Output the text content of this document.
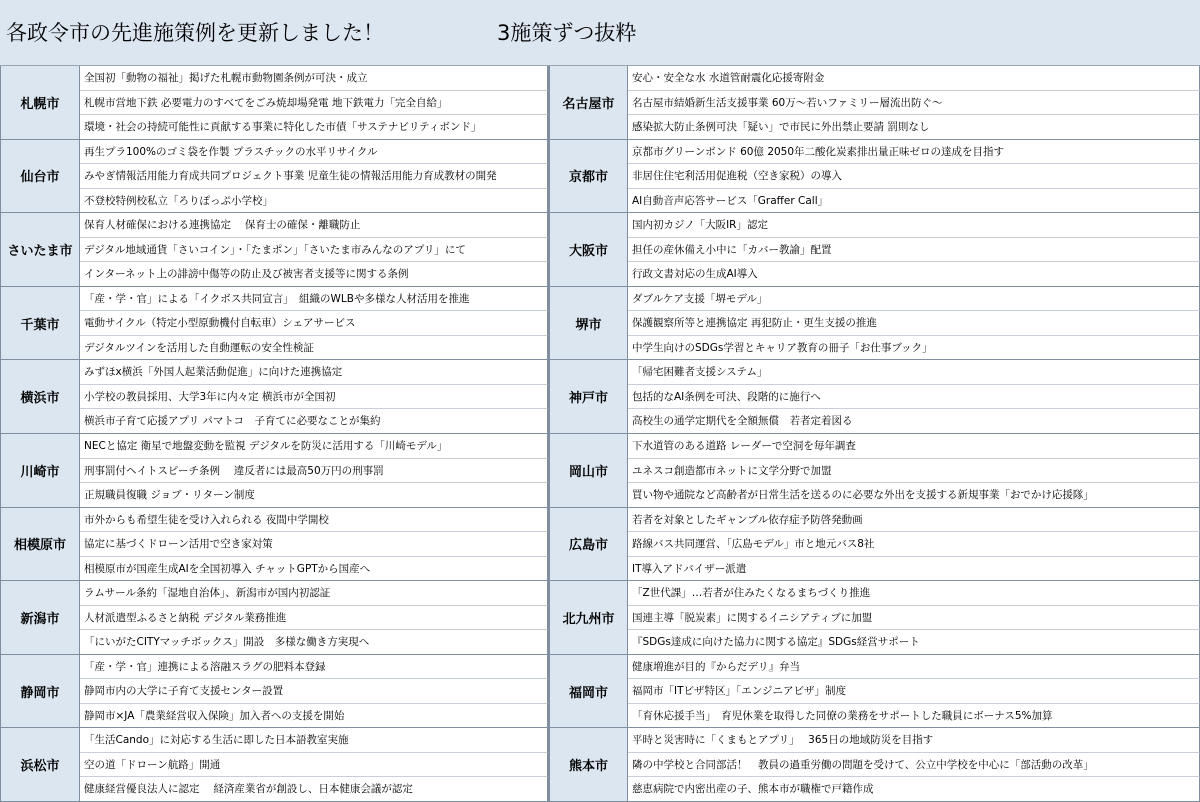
各政令市の先進施策例を更新しました！	3施策ずつ抜粋
札幌市
全国初「動物の福祉」掲げた札幌市動物園条例が可決・成立
札幌市営地下鉄 必要電力のすべてをごみ焼却場発電 地下鉄電力「完全自給」
環境・社会の持続可能性に貢献する事業に特化した市債「サステナビリティボンド」
仙台市
再生プラ100%のゴミ袋を作製 プラスチックの水平リサイクル
みやぎ情報活用能力育成共同プロジェクト事業 児童生徒の情報活用能力育成教材の開発
不登校特例校私立「ろりぽっぷ小学校」
さいたま市
保育人材確保における連携協定　 保育士の確保・離職防止
デジタル地域通貨「さいコイン」・「たまポン」「さいたま市みんなのアプリ」にて
インターネット上の誹謗中傷等の防止及び被害者支援等に関する条例
千葉市
「産・学・官」による「イクボス共同宣言」　組織のWLBや多様な人材活用を推進
電動サイクル（特定小型原動機付自転車）シェアサービス
デジタルツインを活用した自動運転の安全性検証
横浜市
みずほx横浜「外国人起業活動促進」に向けた連携協定
小学校の教員採用、大学3年に内々定 横浜市が全国初
横浜市子育て応援アプリ パマトコ　子育てに必要なことが集約
川崎市
NECと協定 衛星で地盤変動を監視 デジタルを防災に活用する「川崎モデル」
刑事罰付ヘイトスピーチ条例　 違反者には最高50万円の刑事罰
正規職員復職 ジョブ・リターン制度
相模原市
市外からも希望生徒を受け入れられる 夜間中学開校
協定に基づくドローン活用で空き家対策
相模原市が国産生成AIを全国初導入 チャットGPTから国産へ
新潟市
ラムサール条約「湿地自治体」、新潟市が国内初認証
人材派遣型ふるさと納税 デジタル業務推進
「にいがたCITYマッチボックス」開設　多様な働き方実現へ
静岡市
「産・学・官」連携による溶融スラグの肥料本登録
静岡市内の大学に子育て支援センター設置
静岡市×JA「農業経営収入保険」加入者への支援を開始
浜松市
「生活Cando」に対応する生活に即した日本語教室実施
空の道「ドローン航路」開通
健康経営優良法人に認定　 経済産業省が創設し、日本健康会議が認定
名古屋市
安心・安全な水 水道管耐震化応援寄附金
名古屋市結婚新生活支援事業 60万～若いファミリー層流出防ぐ～
感染拡大防止条例可決「疑い」で市民に外出禁止要請 罰則なし
京都市
京都市グリーンボンド 60億 2050年二酸化炭素排出量正味ゼロの達成を目指す
非居住住宅利活用促進税（空き家税）の導入
AI自動音声応答サービス「Graffer Call」
大阪市
国内初カジノ「大阪IR」認定
担任の産休備え小中に「カバー教諭」配置
行政文書対応の生成AI導入
堺市
ダブルケア支援「堺モデル」
保護観察所等と連携協定 再犯防止・更生支援の推進
中学生向けのSDGs学習とキャリア教育の冊子「お仕事ブック」
神戸市
「帰宅困難者支援システム」
包括的なAI条例を可決、段階的に施行へ
高校生の通学定期代を全額無償　若者定着図る
岡山市
下水道管のある道路 レーダーで空洞を毎年調査
ユネスコ創造都市ネットに文学分野で加盟
買い物や通院など高齢者が日常生活を送るのに必要な外出を支援する新規事業「おでかけ応援隊」
広島市
若者を対象としたギャンブル依存症予防啓発動画
路線バス共同運営、「広島モデル」市と地元バス8社
IT導入アドバイザー派遣
北九州市
「Z世代課」…若者が住みたくなるまちづくり推進
国連主導「脱炭素」に関するイニシアティブに加盟
『SDGs達成に向けた協力に関する協定』SDGs経営サポート
福岡市
健康増進が目的『からだデリ』弁当
福岡市「ITビザ特区」「エンジニアビザ」制度
「育休応援手当」　育児休業を取得した同僚の業務をサポートした職員にボーナス5%加算
熊本市
平時と災害時に「くまもとアプリ」　 365日の地域防災を目指す
隣の中学校と合同部活！　教員の過重労働の問題を受けて、公立中学校を中心に「部活動の改革」
慈恵病院で内密出産の子、熊本市が職権で戸籍作成
